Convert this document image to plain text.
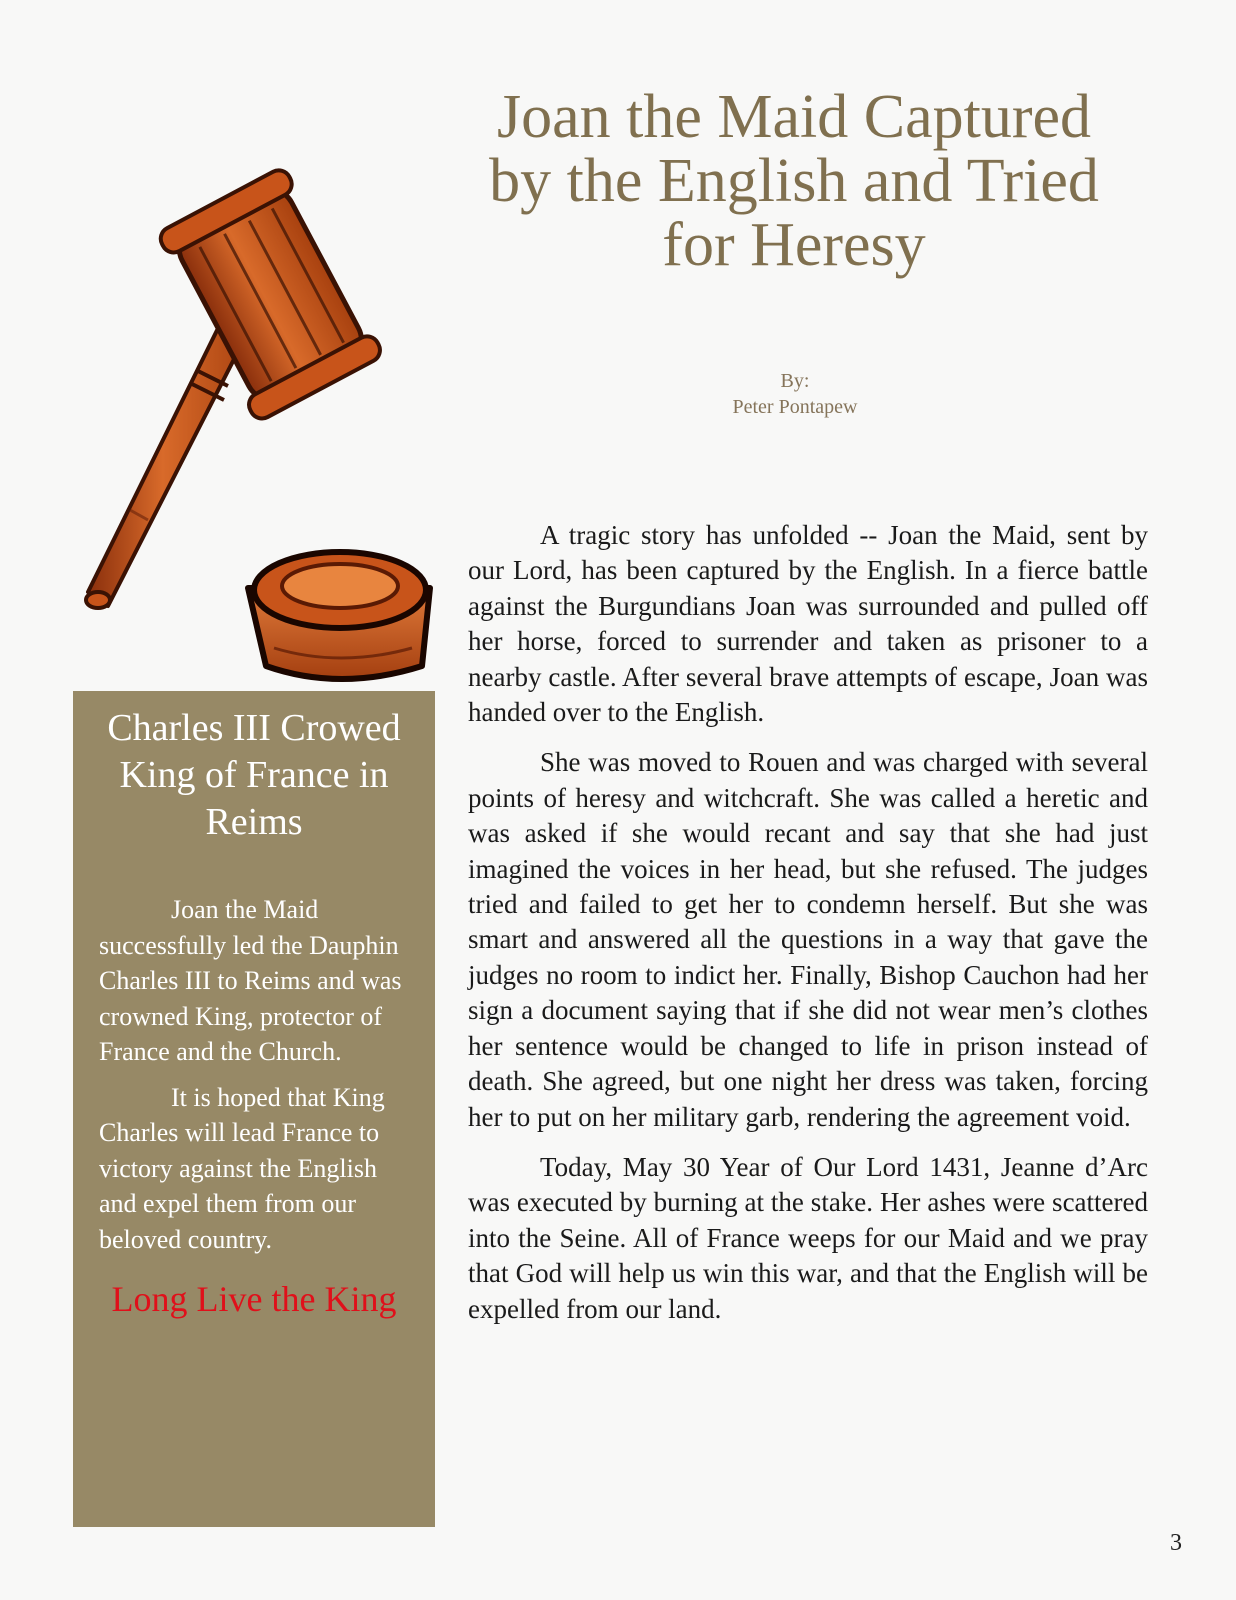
Joan the Maid Captured by the English and Tried for Heresy
By:
Peter Pontapew
Charles III Crowed King of France in Reims

Joan the Maid successfully led the Dauphin Charles III to Reims and was crowned King, protector of France and the Church.

It is hoped that King Charles will lead France to victory against the English and expel them from our beloved country.

Long Live the King

A tragic story has unfolded -- Joan the Maid, sent by our Lord, has been captured by the English. In a fierce battle against the Burgundians Joan was surrounded and pulled off her horse, forced to surrender and taken as prisoner to a nearby castle. After several brave attempts of escape, Joan was handed over to the English.

She was moved to Rouen and was charged with several points of heresy and witchcraft. She was called a heretic and was asked if she would recant and say that she had just imagined the voices in her head, but she refused. The judges tried and failed to get her to condemn herself. But she was smart and answered all the questions in a way that gave the judges no room to indict her. Finally, Bishop Cauchon had her sign a document saying that if she did not wear men’s clothes her sentence would be changed to life in prison instead of death. She agreed, but one night her dress was taken, forcing her to put on her military garb, rendering the agreement void.

Today, May 30 Year of Our Lord 1431, Jeanne d’Arc was executed by burning at the stake. Her ashes were scattered into the Seine. All of France weeps for our Maid and we pray that God will help us win this war, and that the English will be expelled from our land.

3
